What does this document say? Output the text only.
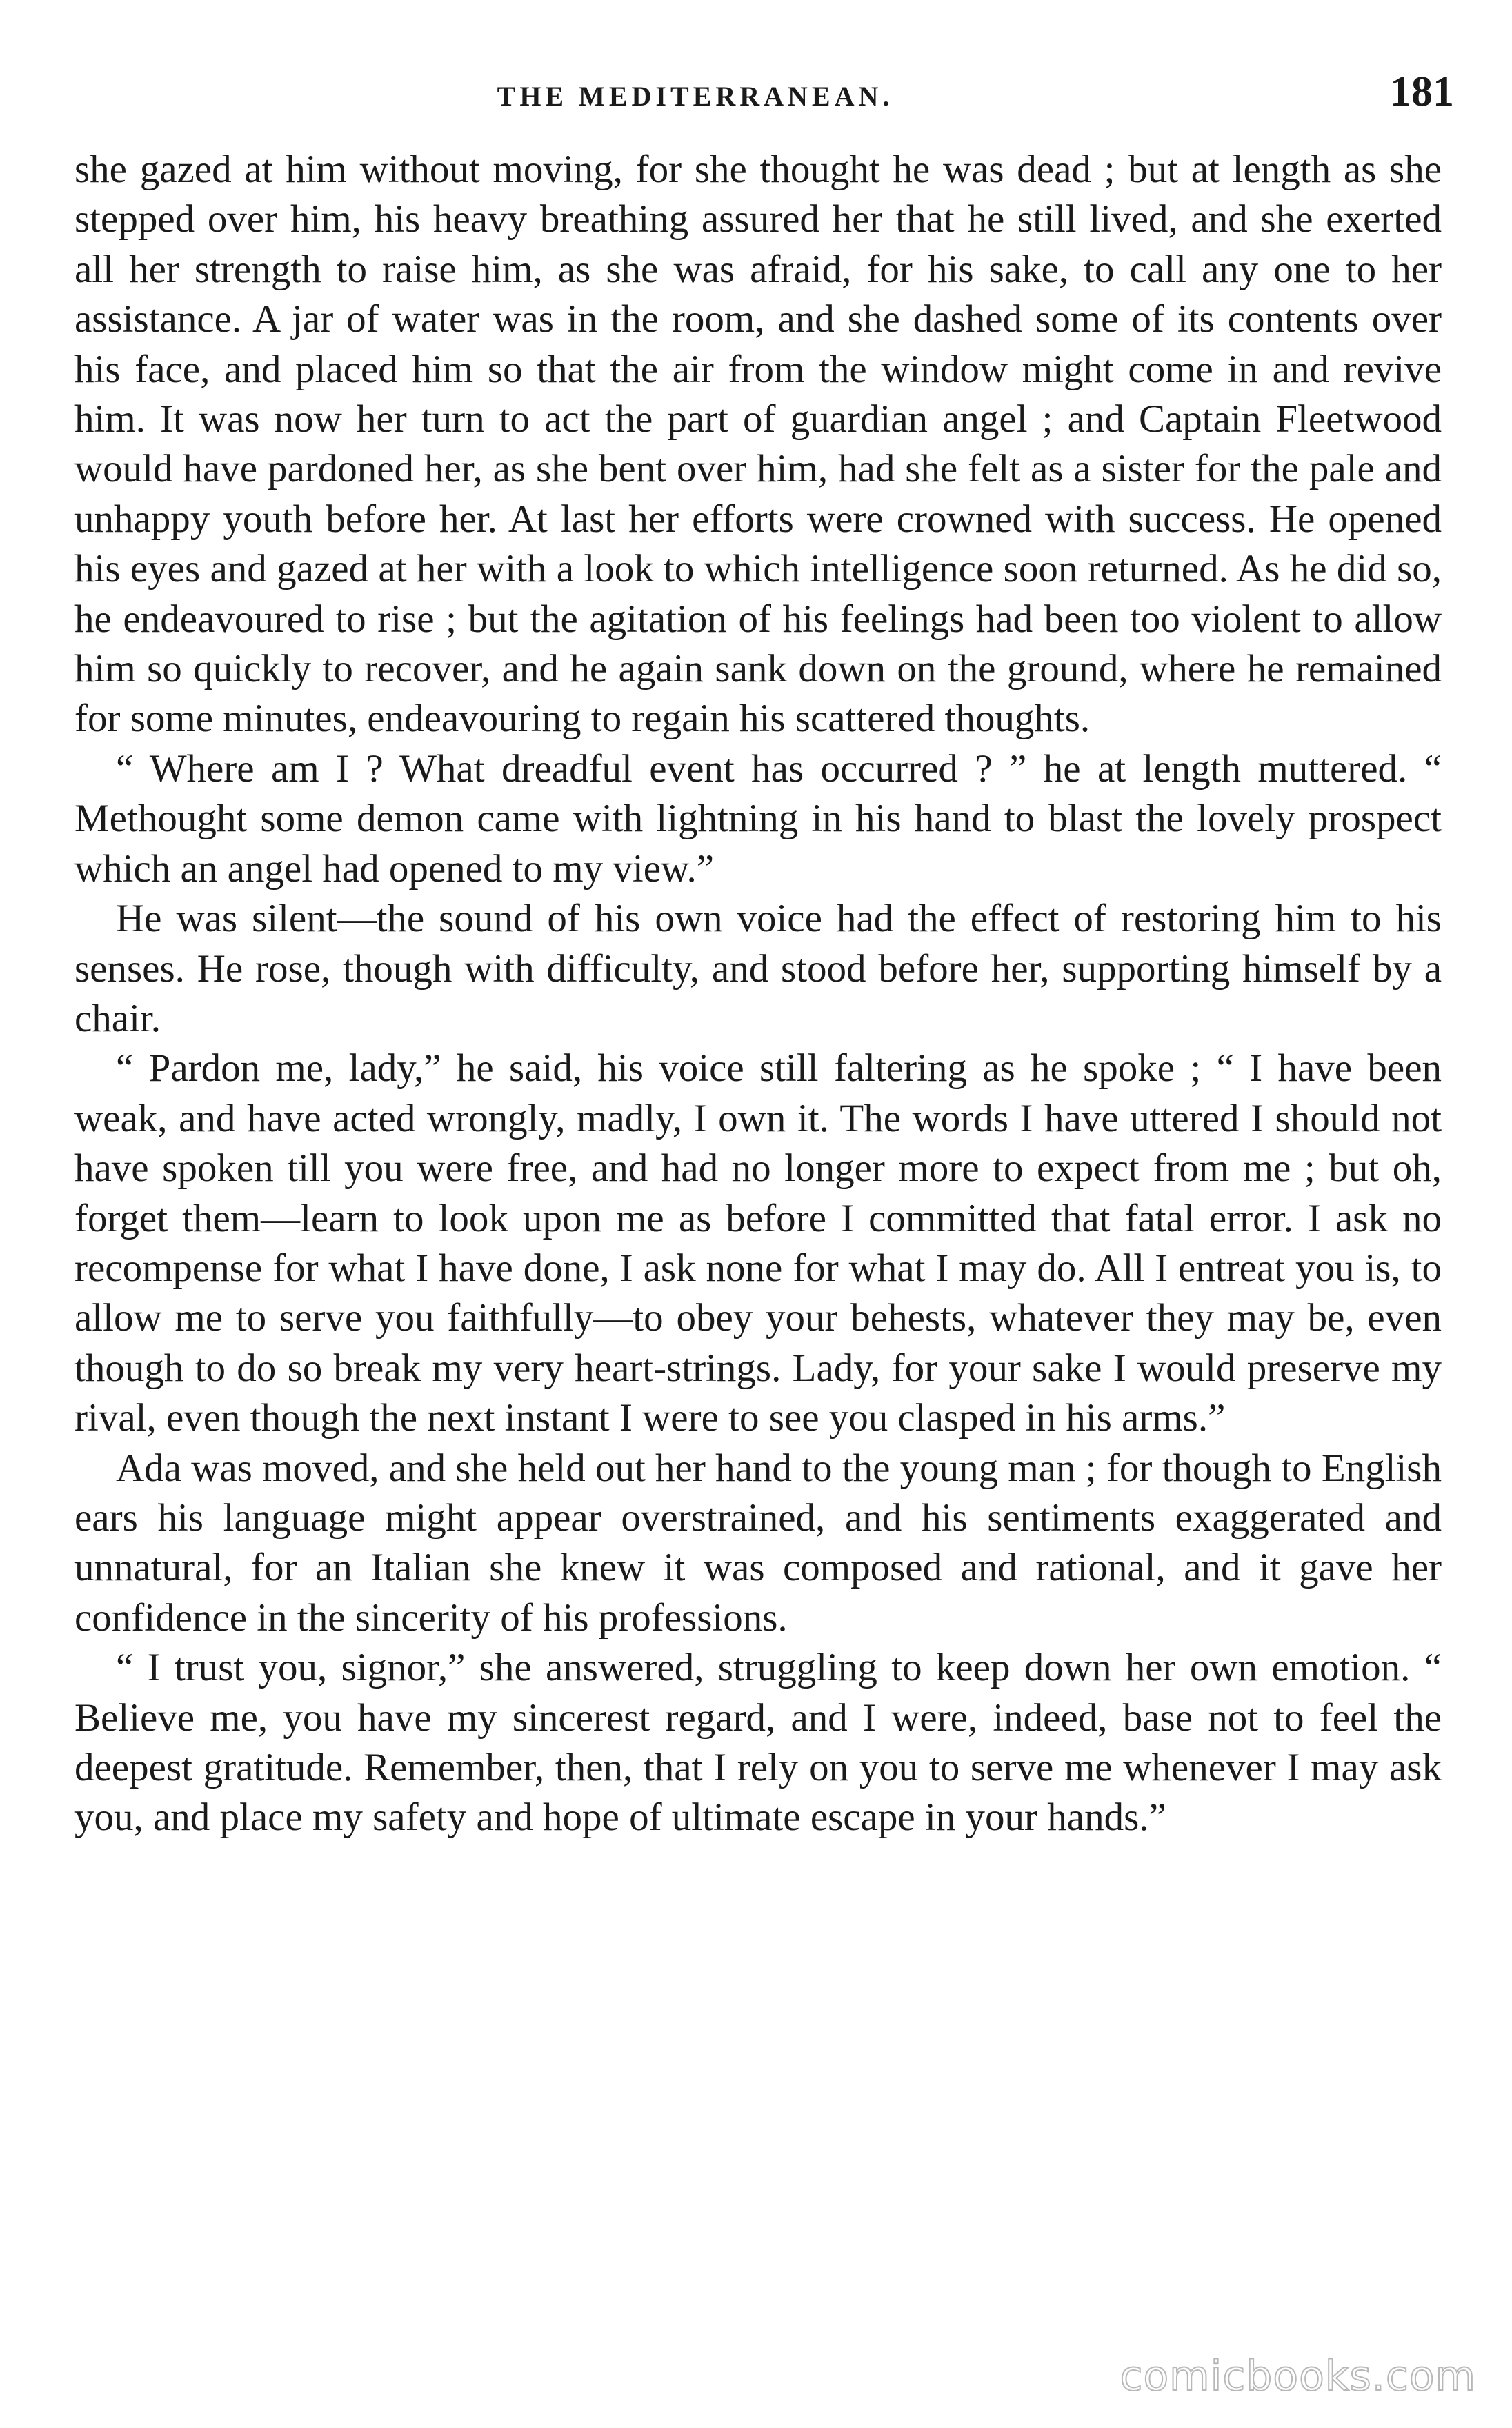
THE MEDITERRANEAN.	181

she gazed at him without moving, for she thought he was dead ; but at length as she stepped over him, his heavy breathing assured her that he still lived, and she exerted all her strength to raise him, as she was afraid, for his sake, to call any one to her assistance. A jar of water was in the room, and she dashed some of its contents over his face, and placed him so that the air from the window might come in and revive him. It was now her turn to act the part of guardian angel ; and Captain Fleetwood would have pardoned her, as she bent over him, had she felt as a sister for the pale and unhappy youth before her. At last her efforts were crowned with success. He opened his eyes and gazed at her with a look to which intelligence soon returned. As he did so, he endeavoured to rise ; but the agitation of his feelings had been too violent to allow him so quickly to recover, and he again sank down on the ground, where he remained for some minutes, endeavouring to regain his scattered thoughts.

“ Where am I ? What dreadful event has occurred ? ” he at length muttered. “ Methought some demon came with lightning in his hand to blast the lovely prospect which an angel had opened to my view.”

He was silent—the sound of his own voice had the effect of restoring him to his senses. He rose, though with difficulty, and stood before her, supporting himself by a chair.

“ Pardon me, lady,” he said, his voice still faltering as he spoke ; “ I have been weak, and have acted wrongly, madly, I own it. The words I have uttered I should not have spoken till you were free, and had no longer more to expect from me ; but oh, forget them—learn to look upon me as before I committed that fatal error. I ask no recompense for what I have done, I ask none for what I may do. All I entreat you is, to allow me to serve you faithfully—to obey your behests, whatever they may be, even though to do so break my very heart-strings. Lady, for your sake I would preserve my rival, even though the next instant I were to see you clasped in his arms.”

Ada was moved, and she held out her hand to the young man ; for though to English ears his language might appear overstrained, and his sentiments exaggerated and unnatural, for an Italian she knew it was composed and rational, and it gave her confidence in the sincerity of his professions.

“ I trust you, signor,” she answered, struggling to keep down her own emotion. “ Believe me, you have my sincerest regard, and I were, indeed, base not to feel the deepest gratitude. Remember, then, that I rely on you to serve me whenever I may ask you, and place my safety and hope of ultimate escape in your hands.”

comicbooks.com
